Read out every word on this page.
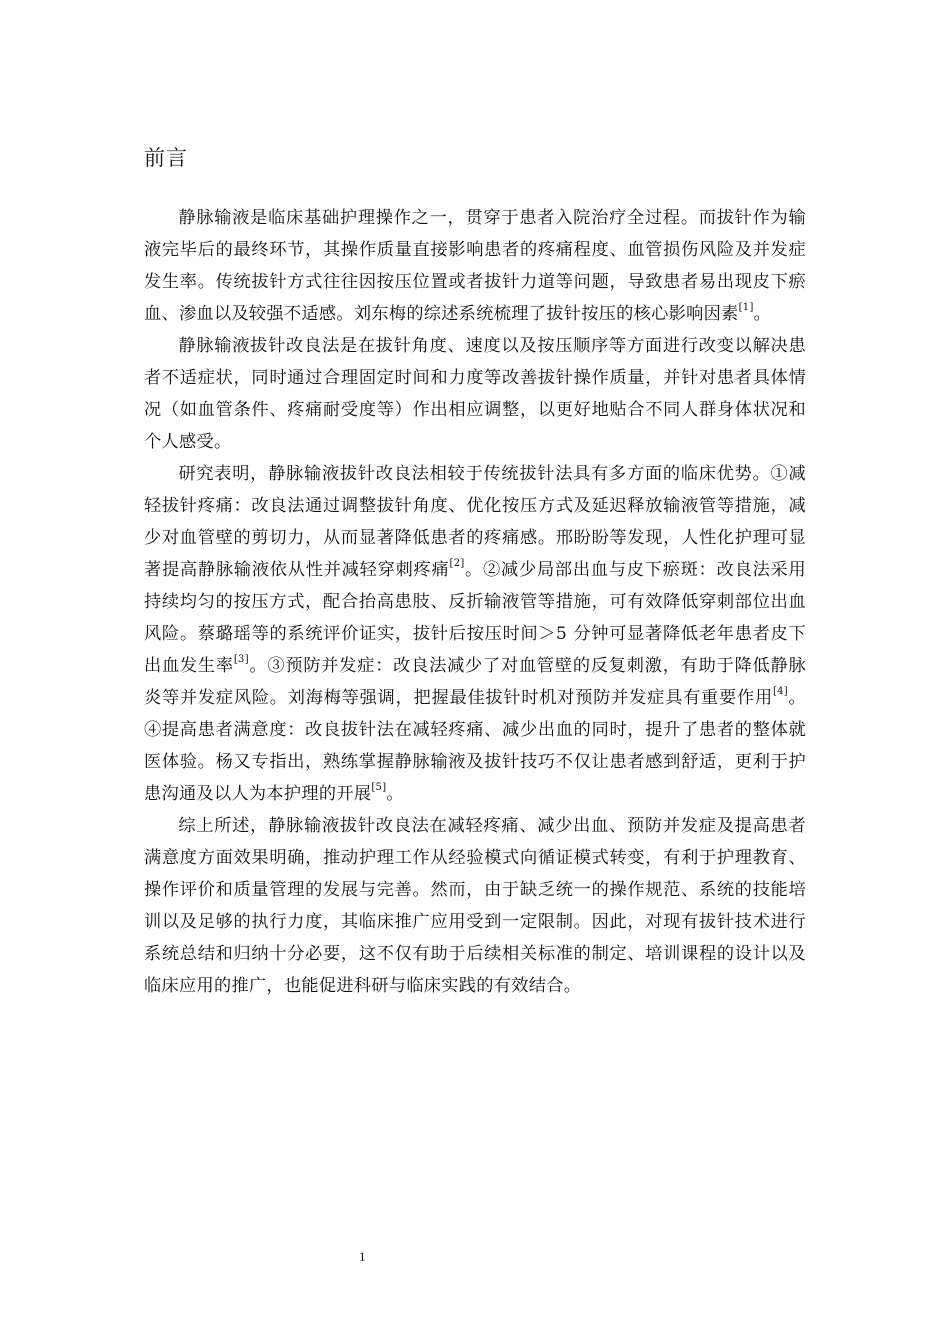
前言

静脉输液是临床基础护理操作之一，贯穿于患者入院治疗全过程。而拔针作为输液完毕后的最终环节，其操作质量直接影响患者的疼痛程度、血管损伤风险及并发症发生率。传统拔针方式往往因按压位置或者拔针力道等问题，导致患者易出现皮下瘀血、渗血以及较强不适感。刘东梅的综述系统梳理了拔针按压的核心影响因素[1]。

静脉输液拔针改良法是在拔针角度、速度以及按压顺序等方面进行改变以解决患者不适症状，同时通过合理固定时间和力度等改善拔针操作质量，并针对患者具体情况（如血管条件、疼痛耐受度等）作出相应调整，以更好地贴合不同人群身体状况和个人感受。

研究表明，静脉输液拔针改良法相较于传统拔针法具有多方面的临床优势。①减轻拔针疼痛：改良法通过调整拔针角度、优化按压方式及延迟释放输液管等措施，减少对血管壁的剪切力，从而显著降低患者的疼痛感。邢盼盼等发现，人性化护理可显著提高静脉输液依从性并减轻穿刺疼痛[2]。②减少局部出血与皮下瘀斑：改良法采用持续均匀的按压方式，配合抬高患肢、反折输液管等措施，可有效降低穿刺部位出血风险。蔡璐瑶等的系统评价证实，拔针后按压时间＞5 分钟可显著降低老年患者皮下出血发生率[3]。③预防并发症：改良法减少了对血管壁的反复刺激，有助于降低静脉炎等并发症风险。刘海梅等强调，把握最佳拔针时机对预防并发症具有重要作用[4]。④提高患者满意度：改良拔针法在减轻疼痛、减少出血的同时，提升了患者的整体就医体验。杨又专指出，熟练掌握静脉输液及拔针技巧不仅让患者感到舒适，更利于护患沟通及以人为本护理的开展[5]。

综上所述，静脉输液拔针改良法在减轻疼痛、减少出血、预防并发症及提高患者满意度方面效果明确，推动护理工作从经验模式向循证模式转变，有利于护理教育、操作评价和质量管理的发展与完善。然而，由于缺乏统一的操作规范、系统的技能培训以及足够的执行力度，其临床推广应用受到一定限制。因此，对现有拔针技术进行系统总结和归纳十分必要，这不仅有助于后续相关标准的制定、培训课程的设计以及临床应用的推广，也能促进科研与临床实践的有效结合。

1
